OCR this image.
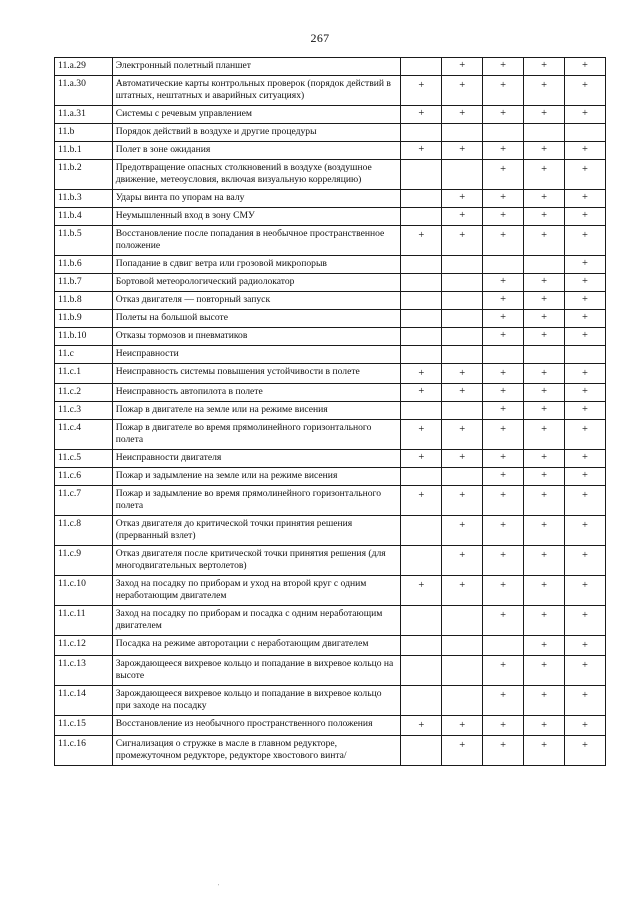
267
11.a.29	Электронный полетный планшет		+	+	+	+
11.a.30	Автоматические карты контрольных проверок (порядок действий в штатных, нештатных и аварийных ситуациях)	+	+	+	+	+
11.a.31	Системы с речевым управлением	+	+	+	+	+
11.b	Порядок действий в воздухе и другие процедуры					
11.b.1	Полет в зоне ожидания	+	+	+	+	+
11.b.2	Предотвращение опасных столкновений в воздухе (воздушное движение, метеоусловия, включая визуальную корреляцию)			+	+	+
11.b.3	Удары винта по упорам на валу		+	+	+	+
11.b.4	Неумышленный вход в зону СМУ		+	+	+	+
11.b.5	Восстановление после попадания в необычное пространственное положение	+	+	+	+	+
11.b.6	Попадание в сдвиг ветра или грозовой микропорыв					+
11.b.7	Бортовой метеорологический радиолокатор			+	+	+
11.b.8	Отказ двигателя — повторный запуск			+	+	+
11.b.9	Полеты на большой высоте			+	+	+
11.b.10	Отказы тормозов и пневматиков			+	+	+
11.c	Неисправности					
11.c.1	Неисправность системы повышения устойчивости в полете	+	+	+	+	+
11.c.2	Неисправность автопилота в полете	+	+	+	+	+
11.c.3	Пожар в двигателе на земле или на режиме висения			+	+	+
11.c.4	Пожар в двигателе во время прямолинейного горизонтального полета	+	+	+	+	+
11.c.5	Неисправности двигателя	+	+	+	+	+
11.c.6	Пожар и задымление на земле или на режиме висения			+	+	+
11.c.7	Пожар и задымление во время прямолинейного горизонтального полета	+	+	+	+	+
11.c.8	Отказ двигателя до критической точки принятия решения (прерванный взлет)		+	+	+	+
11.c.9	Отказ двигателя после критической точки принятия решения (для многодвигательных вертолетов)		+	+	+	+
11.c.10	Заход на посадку по приборам и уход на второй круг с одним неработающим двигателем	+	+	+	+	+
11.c.11	Заход на посадку по приборам и посадка с одним неработающим двигателем			+	+	+
11.c.12	Посадка на режиме авторотации с неработающим двигателем				+	+
11.c.13	Зарождающееся вихревое кольцо и попадание в вихревое кольцо на высоте			+	+	+
11.c.14	Зарождающееся вихревое кольцо и попадание в вихревое кольцо при заходе на посадку			+	+	+
11.c.15	Восстановление из необычного пространственного положения	+	+	+	+	+
11.c.16	Сигнализация о стружке в масле в главном редукторе, промежуточном редукторе, редукторе хвостового винта/		+	+	+	+
'
